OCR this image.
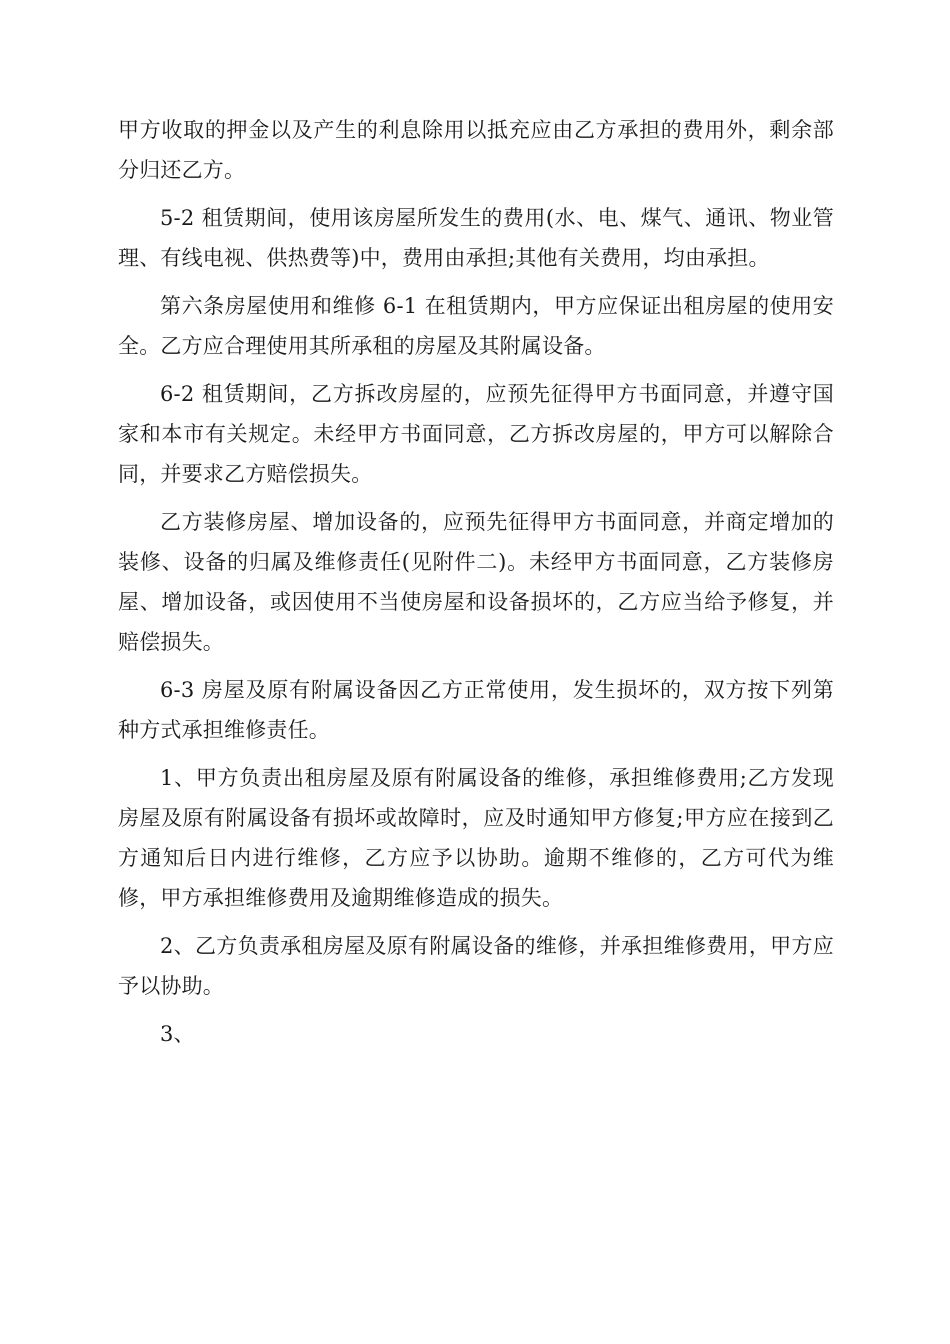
甲方收取的押金以及产生的利息除用以抵充应由乙方承担的费用外，剩余部分归还乙方。

5-2 租赁期间，使用该房屋所发生的费用(水、电、煤气、通讯、物业管理、有线电视、供热费等)中，费用由承担;其他有关费用，均由承担。

第六条房屋使用和维修 6-1 在租赁期内，甲方应保证出租房屋的使用安全。乙方应合理使用其所承租的房屋及其附属设备。

6-2 租赁期间，乙方拆改房屋的，应预先征得甲方书面同意，并遵守国家和本市有关规定。未经甲方书面同意，乙方拆改房屋的，甲方可以解除合同，并要求乙方赔偿损失。

乙方装修房屋、增加设备的，应预先征得甲方书面同意，并商定增加的装修、设备的归属及维修责任(见附件二)。未经甲方书面同意，乙方装修房屋、增加设备，或因使用不当使房屋和设备损坏的，乙方应当给予修复，并赔偿损失。

6-3 房屋及原有附属设备因乙方正常使用，发生损坏的，双方按下列第种方式承担维修责任。

1、甲方负责出租房屋及原有附属设备的维修，承担维修费用;乙方发现房屋及原有附属设备有损坏或故障时，应及时通知甲方修复;甲方应在接到乙方通知后日内进行维修，乙方应予以协助。逾期不维修的，乙方可代为维修，甲方承担维修费用及逾期维修造成的损失。

2、乙方负责承租房屋及原有附属设备的维修，并承担维修费用，甲方应予以协助。

3、
